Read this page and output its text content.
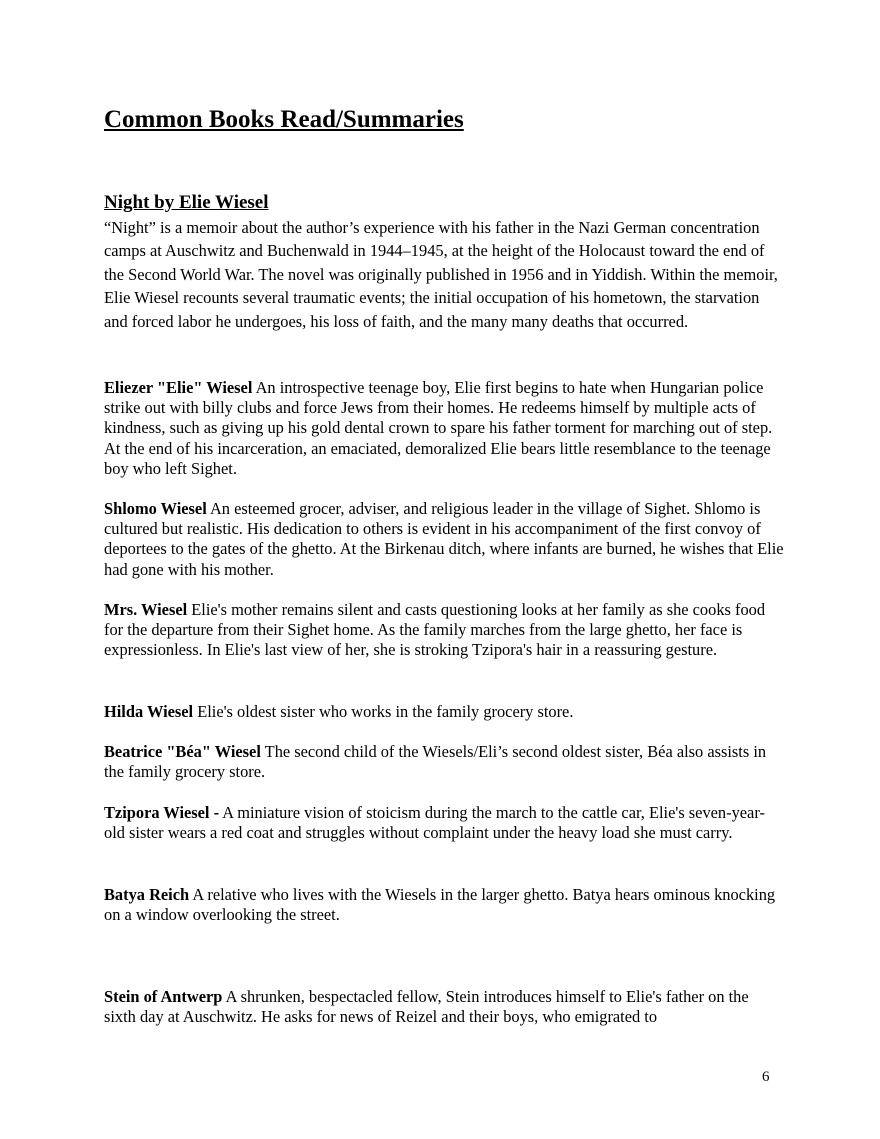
Common Books Read/Summaries
Night by Elie Wiesel

“Night” is a memoir about the author’s experience with his father in the Nazi German concentration camps at Auschwitz and Buchenwald in 1944–1945, at the height of the Holocaust toward the end of the Second World War. The novel was originally published in 1956 and in Yiddish. Within the memoir, Elie Wiesel recounts several traumatic events; the initial occupation of his hometown, the starvation and forced labor he undergoes, his loss of faith, and the many many deaths that occurred.

Eliezer "Elie" Wiesel An introspective teenage boy, Elie first begins to hate when Hungarian police strike out with billy clubs and force Jews from their homes. He redeems himself by multiple acts of kindness, such as giving up his gold dental crown to spare his father torment for marching out of step. At the end of his incarceration, an emaciated, demoralized Elie bears little resemblance to the teenage boy who left Sighet.

Shlomo Wiesel An esteemed grocer, adviser, and religious leader in the village of Sighet. Shlomo is cultured but realistic. His dedication to others is evident in his accompaniment of the first convoy of deportees to the gates of the ghetto. At the Birkenau ditch, where infants are burned, he wishes that Elie had gone with his mother.

Mrs. Wiesel Elie's mother remains silent and casts questioning looks at her family as she cooks food for the departure from their Sighet home. As the family marches from the large ghetto, her face is expressionless. In Elie's last view of her, she is stroking Tzipora's hair in a reassuring gesture.

Hilda Wiesel Elie's oldest sister who works in the family grocery store.

Beatrice "Béa" Wiesel The second child of the Wiesels/Eli’s second oldest sister, Béa also assists in the family grocery store.

Tzipora Wiesel - A miniature vision of stoicism during the march to the cattle car, Elie's seven-year-old sister wears a red coat and struggles without complaint under the heavy load she must carry.

Batya Reich A relative who lives with the Wiesels in the larger ghetto. Batya hears ominous knocking on a window overlooking the street.

Stein of Antwerp A shrunken, bespectacled fellow, Stein introduces himself to Elie's father on the sixth day at Auschwitz. He asks for news of Reizel and their boys, who emigrated to

6
